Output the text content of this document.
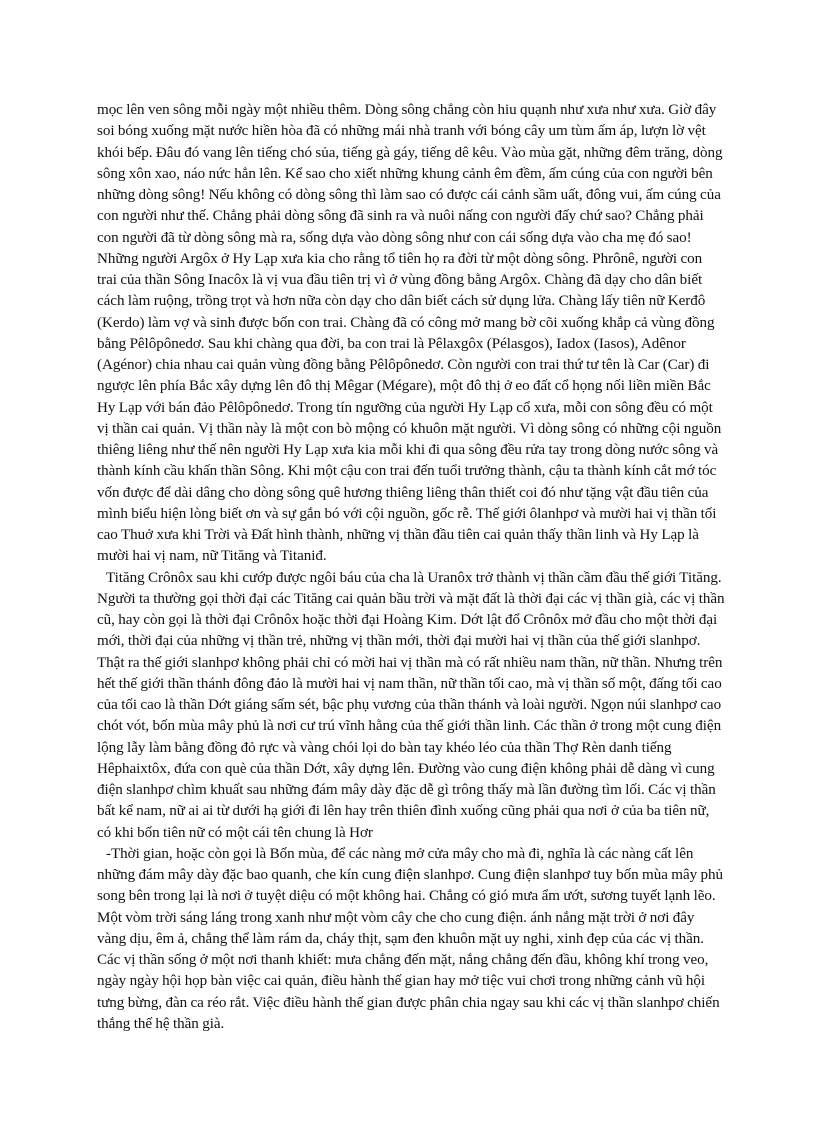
mọc lên ven sông mỗi ngày một nhiều thêm. Dòng sông chẳng còn hiu quạnh như xưa như xưa. Giờ đây soi bóng xuống mặt nước hiền hòa đã có những mái nhà tranh với bóng cây um tùm ấm áp, lượn lờ vệt khói bếp. Đâu đó vang lên tiếng chó sủa, tiếng gà gáy, tiếng dê kêu. Vào mùa gặt, những đêm trăng, dòng sông xôn xao, náo nức hẳn lên. Kể sao cho xiết những khung cảnh êm đềm, ấm cúng của con người bên những dòng sông! Nếu không có dòng sông thì làm sao có được cái cảnh sầm uất, đông vui, ấm cúng của con người như thế. Chẳng phải dòng sông đã sinh ra và nuôi nấng con người đấy chứ sao? Chẳng phải con người đã từ dòng sông mà ra, sống dựa vào dòng sông như con cái sống dựa vào cha mẹ đó sao! Những người Argôx ở Hy Lạp xưa kia cho rằng tổ tiên họ ra đời từ một dòng sông. Phrônê, người con trai của thần Sông Inacôx là vị vua đầu tiên trị vì ở vùng đồng bằng Argôx. Chàng đã dạy cho dân biết cách làm ruộng, trồng trọt và hơn nữa còn dạy cho dân biết cách sử dụng lửa. Chàng lấy tiên nữ Kerđô (Kerdo) làm vợ và sinh được bốn con trai. Chàng đã có công mở mang bờ cõi xuống khắp cả vùng đồng bằng Pêlôpônedơ. Sau khi chàng qua đời, ba con trai là Pêlaxgôx (Pélasgos), Iadox (Iasos), Adênor (Agénor) chia nhau cai quản vùng đồng bằng Pêlôpônedơ. Còn người con trai thứ tư tên là Car (Car) đi ngược lên phía Bắc xây dựng lên đô thị Mêgar (Mégare), một đô thị ở eo đất cổ họng nối liền miền Bắc Hy Lạp với bán đảo Pêlôpônedơ. Trong tín ngưỡng của người Hy Lạp cổ xưa, mỗi con sông đều có một vị thần cai quản. Vị thần này là một con bò mộng có khuôn mặt người. Vì dòng sông có những cội nguồn thiêng liêng như thế nên người Hy Lạp xưa kia mỗi khi đi qua sông đều rửa tay trong dòng nước sông và thành kính cầu khấn thần Sông. Khi một cậu con trai đến tuổi trưởng thành, cậu ta thành kính cắt mớ tóc vốn được để dài dâng cho dòng sông quê hương thiêng liêng thân thiết coi đó như tặng vật đầu tiên của mình biểu hiện lòng biết ơn và sự gắn bó với cội nguồn, gốc rễ. Thế giới ôlanhpơ và mười hai vị thần tối cao Thuở xưa khi Trời và Đất hình thành, những vị thần đầu tiên cai quản thấy thần linh và Hy Lạp là mười hai vị nam, nữ Tităng và Titaniđ.

Tităng Crônôx sau khi cướp được ngôi báu của cha là Uranôx trở thành vị thần cầm đầu thế giới Tităng. Người ta thường gọi thời đại các Tităng cai quản bầu trời và mặt đất là thời đại các vị thần già, các vị thần cũ, hay còn gọi là thời đại Crônôx hoặc thời đại Hoàng Kim. Dớt lật đổ Crônôx mở đầu cho một thời đại mới, thời đại của những vị thần trẻ, những vị thần mới, thời đại mười hai vị thần của thế giới slanhpơ. Thật ra thế giới slanhpơ không phải chỉ có mời hai vị thần mà có rất nhiều nam thần, nữ thần. Nhưng trên hết thế giới thần thánh đông đảo là mười hai vị nam thần, nữ thần tối cao, mà vị thần số một, đấng tối cao của tối cao là thần Dớt giáng sấm sét, bậc phụ vương của thần thánh và loài người. Ngọn núi slanhpơ cao chót vót, bốn mùa mây phủ là nơi cư trú vĩnh hằng của thế giới thần linh. Các thần ở trong một cung điện lộng lẫy làm bằng đồng đỏ rực và vàng chói lọi do bàn tay khéo léo của thần Thợ Rèn danh tiếng Hêphaixtôx, đứa con què của thần Dớt, xây dựng lên. Đường vào cung điện không phải dễ dàng vì cung điện slanhpơ chìm khuất sau những đám mây dày đặc dễ gì trông thấy mà lần đường tìm lối. Các vị thần bất kể nam, nữ ai ai từ dưới hạ giới đi lên hay trên thiên đình xuống cũng phải qua nơi ở của ba tiên nữ, có khi bốn tiên nữ có một cái tên chung là Hơr

-Thời gian, hoặc còn gọi là Bốn mùa, để các nàng mở cửa mây cho mà đi, nghĩa là các nàng cất lên những đám mây dày đặc bao quanh, che kín cung điện slanhpơ. Cung điện slanhpơ tuy bốn mùa mây phủ song bên trong lại là nơi ở tuyệt diệu có một không hai. Chẳng có gió mưa ẩm ướt, sương tuyết lạnh lẽo. Một vòm trời sáng láng trong xanh như một vòm cây che cho cung điện. ánh nắng mặt trời ở nơi đây vàng dịu, êm ả, chẳng thể làm rám da, cháy thịt, sạm đen khuôn mặt uy nghi, xinh đẹp của các vị thần. Các vị thần sống ở một nơi thanh khiết: mưa chẳng đến mặt, nắng chẳng đến đầu, không khí trong veo, ngày ngày hội họp bàn việc cai quản, điều hành thế gian hay mở tiệc vui chơi trong những cảnh vũ hội tưng bừng, đàn ca réo rắt. Việc điều hành thế gian được phân chia ngay sau khi các vị thần slanhpơ chiến thắng thế hệ thần già.
